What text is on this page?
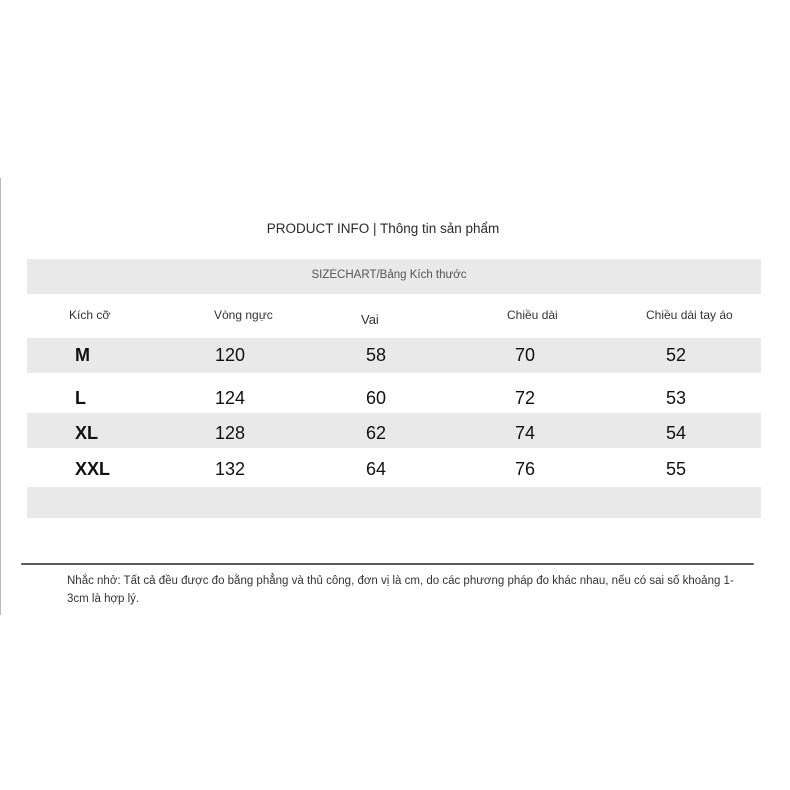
PRODUCT INFO | Thông tin sản phẩm
SIZECHART/Bảng Kích thước
Kích cỡ	Vòng ngực	Vai	Chiều dài	Chiều dài tay áo
M	120	58	70	52
L	124	60	72	53
XL	128	62	74	54
XXL	132	64	76	55
Nhắc nhở: Tất cả đều được đo bằng phẳng và thủ công, đơn vị là cm, do các phương pháp đo khác nhau, nếu có sai số khoảng 1-
3cm là hợp lý.
